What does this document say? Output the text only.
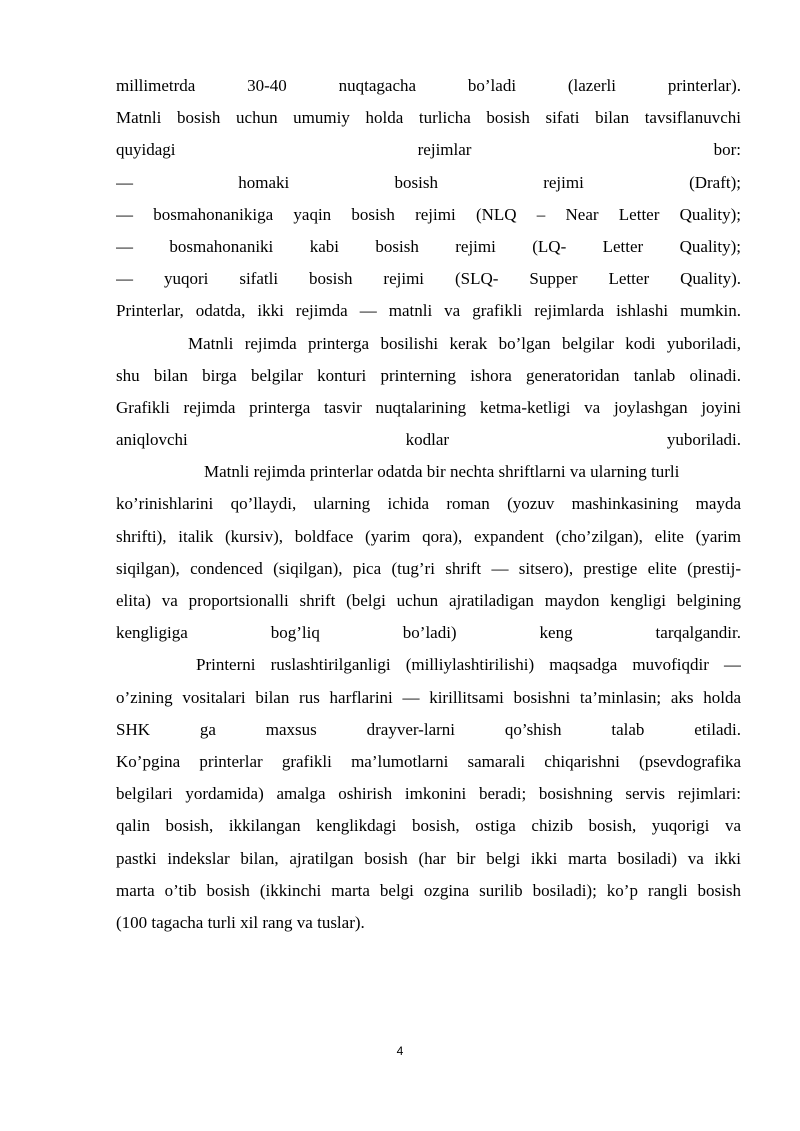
millimetrda 30-40 nuqtagacha bo’ladi (lazerli printerlar).
Matnli bosish uchun umumiy holda turlicha bosish sifati bilan tavsiflanuvchi
quyidagi rejimlar bor:
— homaki bosish rejimi (Draft);
— bosmahonanikiga yaqin bosish rejimi (NLQ – Near Letter Quality);
— bosmahonaniki kabi bosish rejimi (LQ- Letter Quality);
— yuqori sifatli bosish rejimi (SLQ- Supper Letter Quality).
Printerlar, odatda, ikki rejimda — matnli va grafikli rejimlarda ishlashi mumkin.
Matnli rejimda printerga bosilishi kerak bo’lgan belgilar kodi yuboriladi,
shu bilan birga belgilar konturi printerning ishora generatoridan tanlab olinadi.
Grafikli rejimda printerga tasvir nuqtalarining ketma-ketligi va joylashgan joyini
aniqlovchi kodlar yuboriladi.
Matnli rejimda printerlar odatda bir nechta shriftlarni va ularning turli
ko’rinishlarini qo’llaydi, ularning ichida roman (yozuv mashinkasining mayda
shrifti), italik (kursiv), boldface (yarim qora), expandent (cho’zilgan), elite (yarim
siqilgan), condenced (siqilgan), pica (tug’ri shrift — sitsero), prestige elite (prestij-
elita) va proportsionalli shrift (belgi uchun ajratiladigan maydon kengligi belgining
kengligiga bog’liq bo’ladi) keng tarqalgandir.
Printerni ruslashtirilganligi (milliylashtirilishi) maqsadga muvofiqdir —
o’zining vositalari bilan rus harflarini — kirillitsami bosishni ta’minlasin; aks holda
SHK ga maxsus drayver-larni qo’shish talab etiladi.
Ko’pgina printerlar grafikli ma’lumotlarni samarali chiqarishni (psevdografika
belgilari yordamida) amalga oshirish imkonini beradi; bosishning servis rejimlari:
qalin bosish, ikkilangan kenglikdagi bosish, ostiga chizib bosish, yuqorigi va
pastki indekslar bilan, ajratilgan bosish (har bir belgi ikki marta bosiladi) va ikki
marta o’tib bosish (ikkinchi marta belgi ozgina surilib bosiladi); ko’p rangli bosish
(100 tagacha turli xil rang va tuslar).
4
